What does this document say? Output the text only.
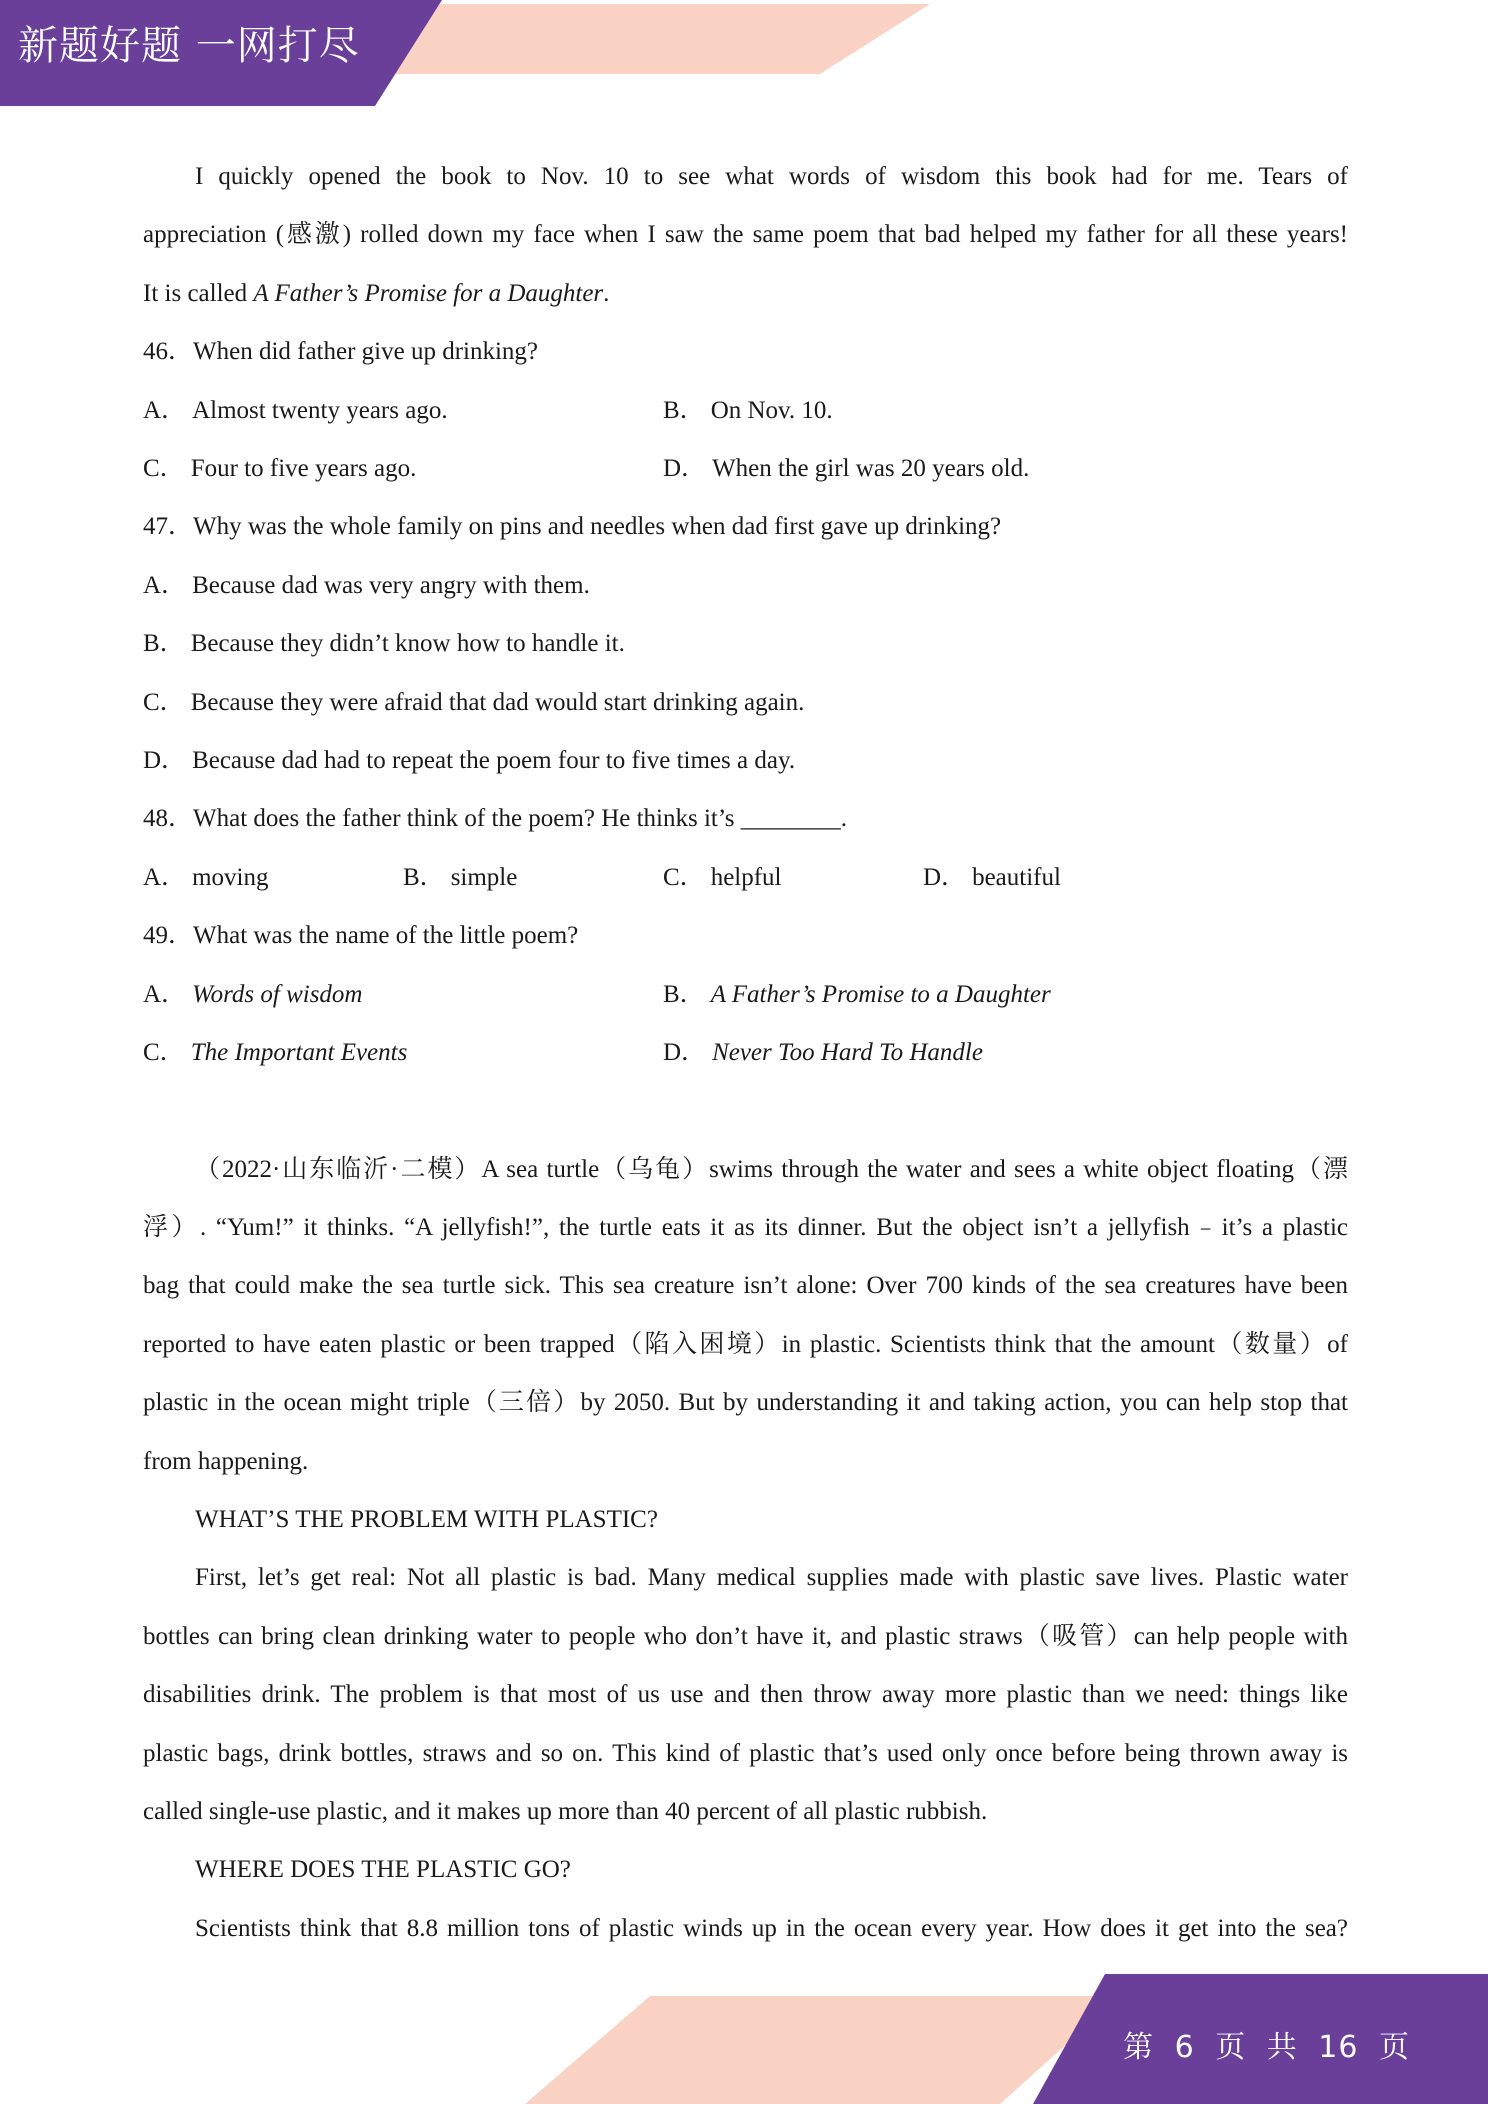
新题好题 一网打尽
第 6 页 共 16 页

I quickly opened the book to Nov. 10 to see what words of wisdom this book had for me. Tears of

appreciation (感激) rolled down my face when I saw the same poem that bad helped my father for all these years!

It is called A Father’s Promise for a Daughter.

46．When did father give up drinking?

A． Almost twenty years ago.	B． On Nov. 10.
C． Four to five years ago.	D． When the girl was 20 years old.

47．Why was the whole family on pins and needles when dad first gave up drinking?

A． Because dad was very angry with them.

B． Because they didn’t know how to handle it.

C． Because they were afraid that dad would start drinking again.

D． Because dad had to repeat the poem four to five times a day.

48．What does the father think of the poem? He thinks it’s ________.

A． moving	B． simple	C． helpful	D． beautiful

49．What was the name of the little poem?

A． Words of wisdom	B． A Father’s Promise to a Daughter
C． The Important Events	D． Never Too Hard To Handle

（2022·山东临沂·二模）A sea turtle（乌龟）swims through the water and sees a white object floating（漂

浮）. “Yum!” it thinks. “A jellyfish!”, the turtle eats it as its dinner. But the object isn’t a jellyfish﹣it’s a plastic

bag that could make the sea turtle sick. This sea creature isn’t alone: Over 700 kinds of the sea creatures have been

reported to have eaten plastic or been trapped（陷入困境）in plastic. Scientists think that the amount（数量）of

plastic in the ocean might triple（三倍）by 2050. But by understanding it and taking action, you can help stop that

from happening.

WHAT’S THE PROBLEM WITH PLASTIC?

First, let’s get real: Not all plastic is bad. Many medical supplies made with plastic save lives. Plastic water

bottles can bring clean drinking water to people who don’t have it, and plastic straws（吸管）can help people with

disabilities drink. The problem is that most of us use and then throw away more plastic than we need: things like

plastic bags, drink bottles, straws and so on. This kind of plastic that’s used only once before being thrown away is

called single-use plastic, and it makes up more than 40 percent of all plastic rubbish.

WHERE DOES THE PLASTIC GO?

Scientists think that 8.8 million tons of plastic winds up in the ocean every year. How does it get into the sea?
